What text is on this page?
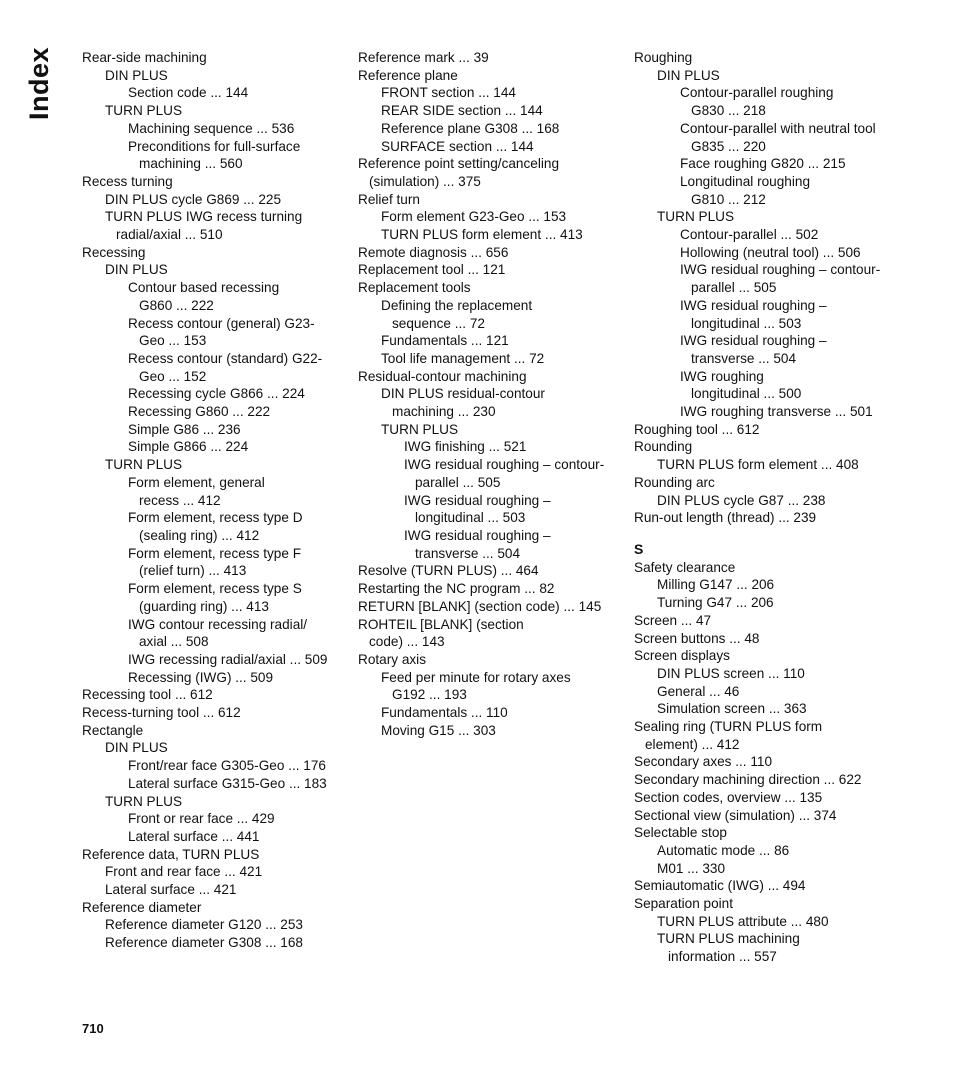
Index Rear-side machining
DIN PLUS
Section code ... 144
TURN PLUS
Machining sequence ... 536
Preconditions for full-surface
machining ... 560
Recess turning
DIN PLUS cycle G869 ... 225
TURN PLUS IWG recess turning
radial/axial ... 510
Recessing
DIN PLUS
Contour based recessing
G860 ... 222
Recess contour (general) G23-
Geo ... 153
Recess contour (standard) G22-
Geo ... 152
Recessing cycle G866 ... 224
Recessing G860 ... 222
Simple G86 ... 236
Simple G866 ... 224
TURN PLUS
Form element, general
recess ... 412
Form element, recess type D
(sealing ring) ... 412
Form element, recess type F
(relief turn) ... 413
Form element, recess type S
(guarding ring) ... 413
IWG contour recessing radial/
axial ... 508
IWG recessing radial/axial ... 509
Recessing (IWG) ... 509
Recessing tool ... 612
Recess-turning tool ... 612
Rectangle
DIN PLUS
Front/rear face G305-Geo ... 176
Lateral surface G315-Geo ... 183
TURN PLUS
Front or rear face ... 429
Lateral surface ... 441
Reference data, TURN PLUS
Front and rear face ... 421
Lateral surface ... 421
Reference diameter
Reference diameter G120 ... 253
Reference diameter G308 ... 168
Reference mark ... 39
Reference plane
FRONT section ... 144
REAR SIDE section ... 144
Reference plane G308 ... 168
SURFACE section ... 144
Reference point setting/canceling
(simulation) ... 375
Relief turn
Form element G23-Geo ... 153
TURN PLUS form element ... 413
Remote diagnosis ... 656
Replacement tool ... 121
Replacement tools
Defining the replacement
sequence ... 72
Fundamentals ... 121
Tool life management ... 72
Residual-contour machining
DIN PLUS residual-contour
machining ... 230
TURN PLUS
IWG finishing ... 521
IWG residual roughing – contour-
parallel ... 505
IWG residual roughing –
longitudinal ... 503
IWG residual roughing –
transverse ... 504
Resolve (TURN PLUS) ... 464
Restarting the NC program ... 82
RETURN [BLANK] (section code) ... 145
ROHTEIL [BLANK] (section
code) ... 143
Rotary axis
Feed per minute for rotary axes
G192 ... 193
Fundamentals ... 110
Moving G15 ... 303
Roughing
DIN PLUS
Contour-parallel roughing
G830 ... 218
Contour-parallel with neutral tool
G835 ... 220
Face roughing G820 ... 215
Longitudinal roughing
G810 ... 212
TURN PLUS
Contour-parallel ... 502
Hollowing (neutral tool) ... 506
IWG residual roughing – contour-
parallel ... 505
IWG residual roughing –
longitudinal ... 503
IWG residual roughing –
transverse ... 504
IWG roughing
longitudinal ... 500
IWG roughing transverse ... 501
Roughing tool ... 612
Rounding
TURN PLUS form element ... 408
Rounding arc
DIN PLUS cycle G87 ... 238
Run-out length (thread) ... 239
S
Safety clearance
Milling G147 ... 206
Turning G47 ... 206
Screen ... 47
Screen buttons ... 48
Screen displays
DIN PLUS screen ... 110
General ... 46
Simulation screen ... 363
Sealing ring (TURN PLUS form
element) ... 412
Secondary axes ... 110
Secondary machining direction ... 622
Section codes, overview ... 135
Sectional view (simulation) ... 374
Selectable stop
Automatic mode ... 86
M01 ... 330
Semiautomatic (IWG) ... 494
Separation point
TURN PLUS attribute ... 480
TURN PLUS machining
information ... 557
710
